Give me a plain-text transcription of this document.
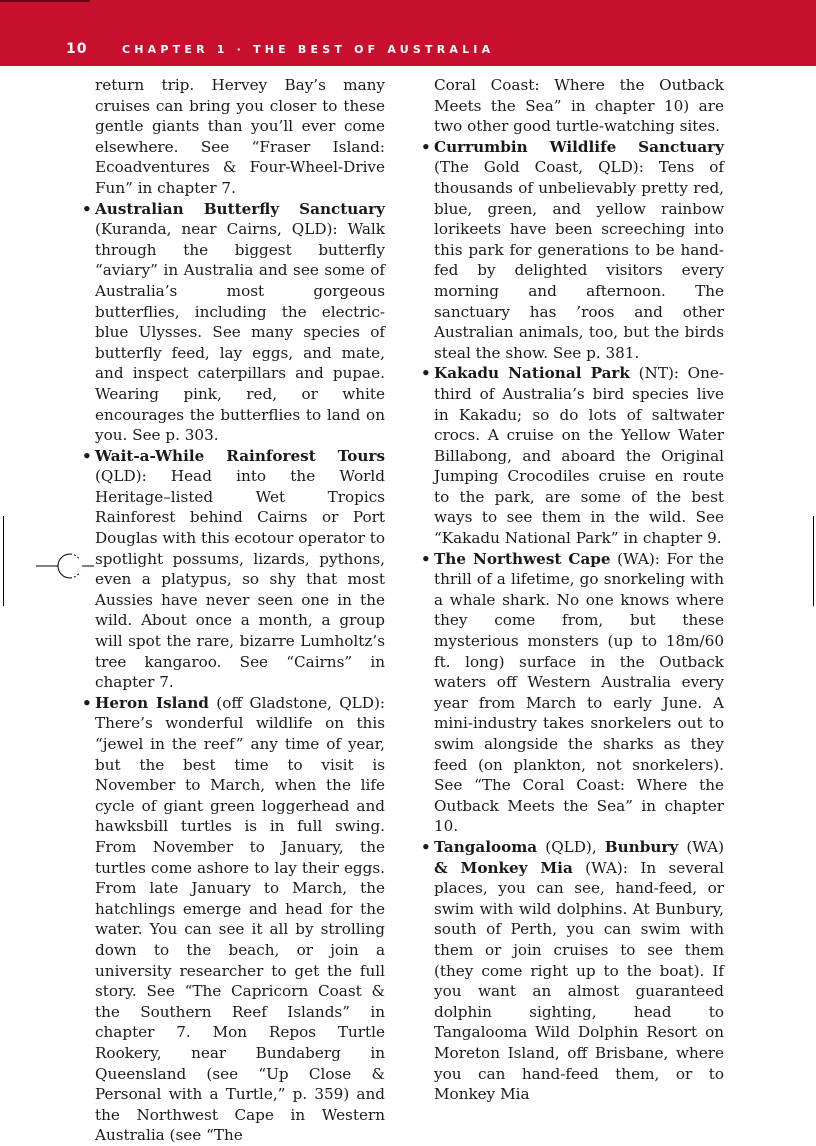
10	CHAPTER 1 · THE BEST OF AUSTRALIA

return trip. Hervey Bay’s many cruises can bring you closer to these gentle giants than you’ll ever come elsewhere. See “Fraser Island: Ecoadventures & Four-Wheel-Drive Fun” in chapter 7.

• Australian Butterfly Sanctuary (Kuranda, near Cairns, QLD): Walk through the biggest butterfly “aviary” in Australia and see some of Australia’s most gorgeous butterflies, including the electric-blue Ulysses. See many species of butterfly feed, lay eggs, and mate, and inspect caterpillars and pupae. Wearing pink, red, or white encourages the butterflies to land on you. See p. 303.
• Wait-a-While Rainforest Tours (QLD): Head into the World Heritage–listed Wet Tropics Rainforest behind Cairns or Port Douglas with this ecotour operator to spotlight possums, lizards, pythons, even a platypus, so shy that most Aussies have never seen one in the wild. About once a month, a group will spot the rare, bizarre Lumholtz’s tree kangaroo. See “Cairns” in chapter 7.
• Heron Island (off Gladstone, QLD): There’s wonderful wildlife on this “jewel in the reef” any time of year, but the best time to visit is November to March, when the life cycle of giant green loggerhead and hawksbill turtles is in full swing. From November to January, the turtles come ashore to lay their eggs. From late January to March, the hatchlings emerge and head for the water. You can see it all by strolling down to the beach, or join a university researcher to get the full story. See “The Capricorn Coast & the Southern Reef Islands” in chapter 7. Mon Repos Turtle Rookery, near Bundaberg in Queensland (see “Up Close & Personal with a Turtle,” p. 359) and the Northwest Cape in Western Australia (see “The

Coral Coast: Where the Outback Meets the Sea” in chapter 10) are two other good turtle-watching sites.

• Currumbin Wildlife Sanctuary (The Gold Coast, QLD): Tens of thousands of unbelievably pretty red, blue, green, and yellow rainbow lorikeets have been screeching into this park for generations to be hand-fed by delighted visitors every morning and afternoon. The sanctuary has ’roos and other Australian animals, too, but the birds steal the show. See p. 381.
• Kakadu National Park (NT): One-third of Australia’s bird species live in Kakadu; so do lots of saltwater crocs. A cruise on the Yellow Water Billabong, and aboard the Original Jumping Crocodiles cruise en route to the park, are some of the best ways to see them in the wild. See “Kakadu National Park” in chapter 9.
• The Northwest Cape (WA): For the thrill of a lifetime, go snorkeling with a whale shark. No one knows where they come from, but these mysterious monsters (up to 18m/60 ft. long) surface in the Outback waters off Western Australia every year from March to early June. A mini-industry takes snorkelers out to swim alongside the sharks as they feed (on plankton, not snorkelers). See “The Coral Coast: Where the Outback Meets the Sea” in chapter 10.
• Tangalooma (QLD), Bunbury (WA) & Monkey Mia (WA): In several places, you can see, hand-feed, or swim with wild dolphins. At Bunbury, south of Perth, you can swim with them or join cruises to see them (they come right up to the boat). If you want an almost guaranteed dolphin sighting, head to Tangalooma Wild Dolphin Resort on Moreton Island, off Brisbane, where you can hand-feed them, or to Monkey Mia
